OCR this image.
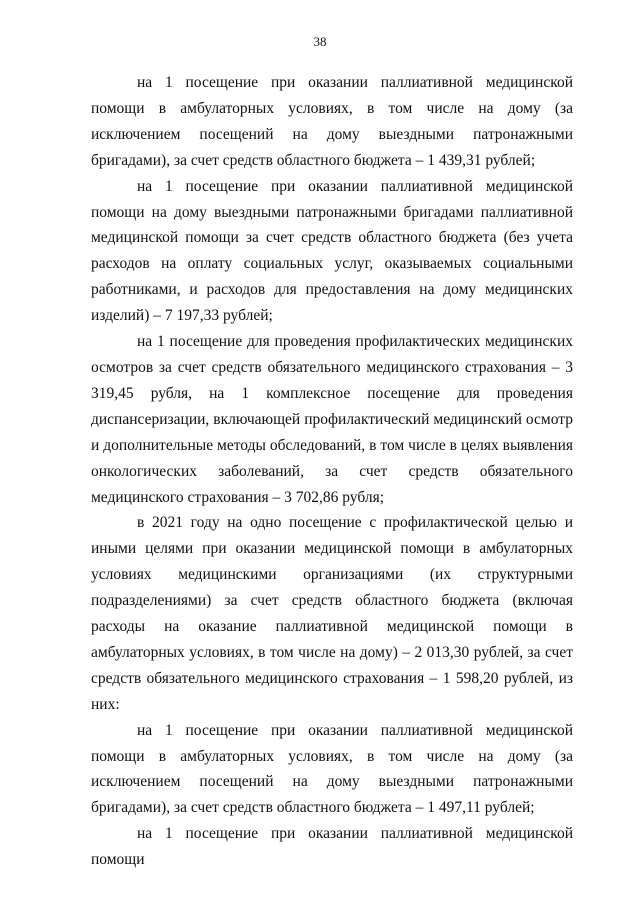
38

на 1 посещение при оказании паллиативной медицинской помощи в амбулаторных условиях, в том числе на дому (за исключением посещений на дому выездными патронажными бригадами), за счет средств областного бюджета – 1 439,31 рублей;

на 1 посещение при оказании паллиативной медицинской помощи на дому выездными патронажными бригадами паллиативной медицинской помощи за счет средств областного бюджета (без учета расходов на оплату социальных услуг, оказываемых социальными работниками, и расходов для предоставления на дому медицинских изделий) – 7 197,33 рублей;

на 1 посещение для проведения профилактических медицинских осмотров за счет средств обязательного медицинского страхования – 3 319,45 рубля, на 1 комплексное посещение для проведения диспансеризации, включающей профилактический медицинский осмотр и дополнительные методы обследований, в том числе в целях выявления онкологических заболеваний, за счет средств обязательного медицинского страхования – 3 702,86 рубля;

в 2021 году на одно посещение с профилактической целью и иными целями при оказании медицинской помощи в амбулаторных условиях медицинскими организациями (их структурными подразделениями) за счет средств областного бюджета (включая расходы на оказание паллиативной медицинской помощи в амбулаторных условиях, в том числе на дому) – 2 013,30 рублей, за счет средств обязательного медицинского страхования – 1 598,20 рублей, из них:

на 1 посещение при оказании паллиативной медицинской помощи в амбулаторных условиях, в том числе на дому (за исключением посещений на дому выездными патронажными бригадами), за счет средств областного бюджета – 1 497,11 рублей;

на 1 посещение при оказании паллиативной медицинской помощи
